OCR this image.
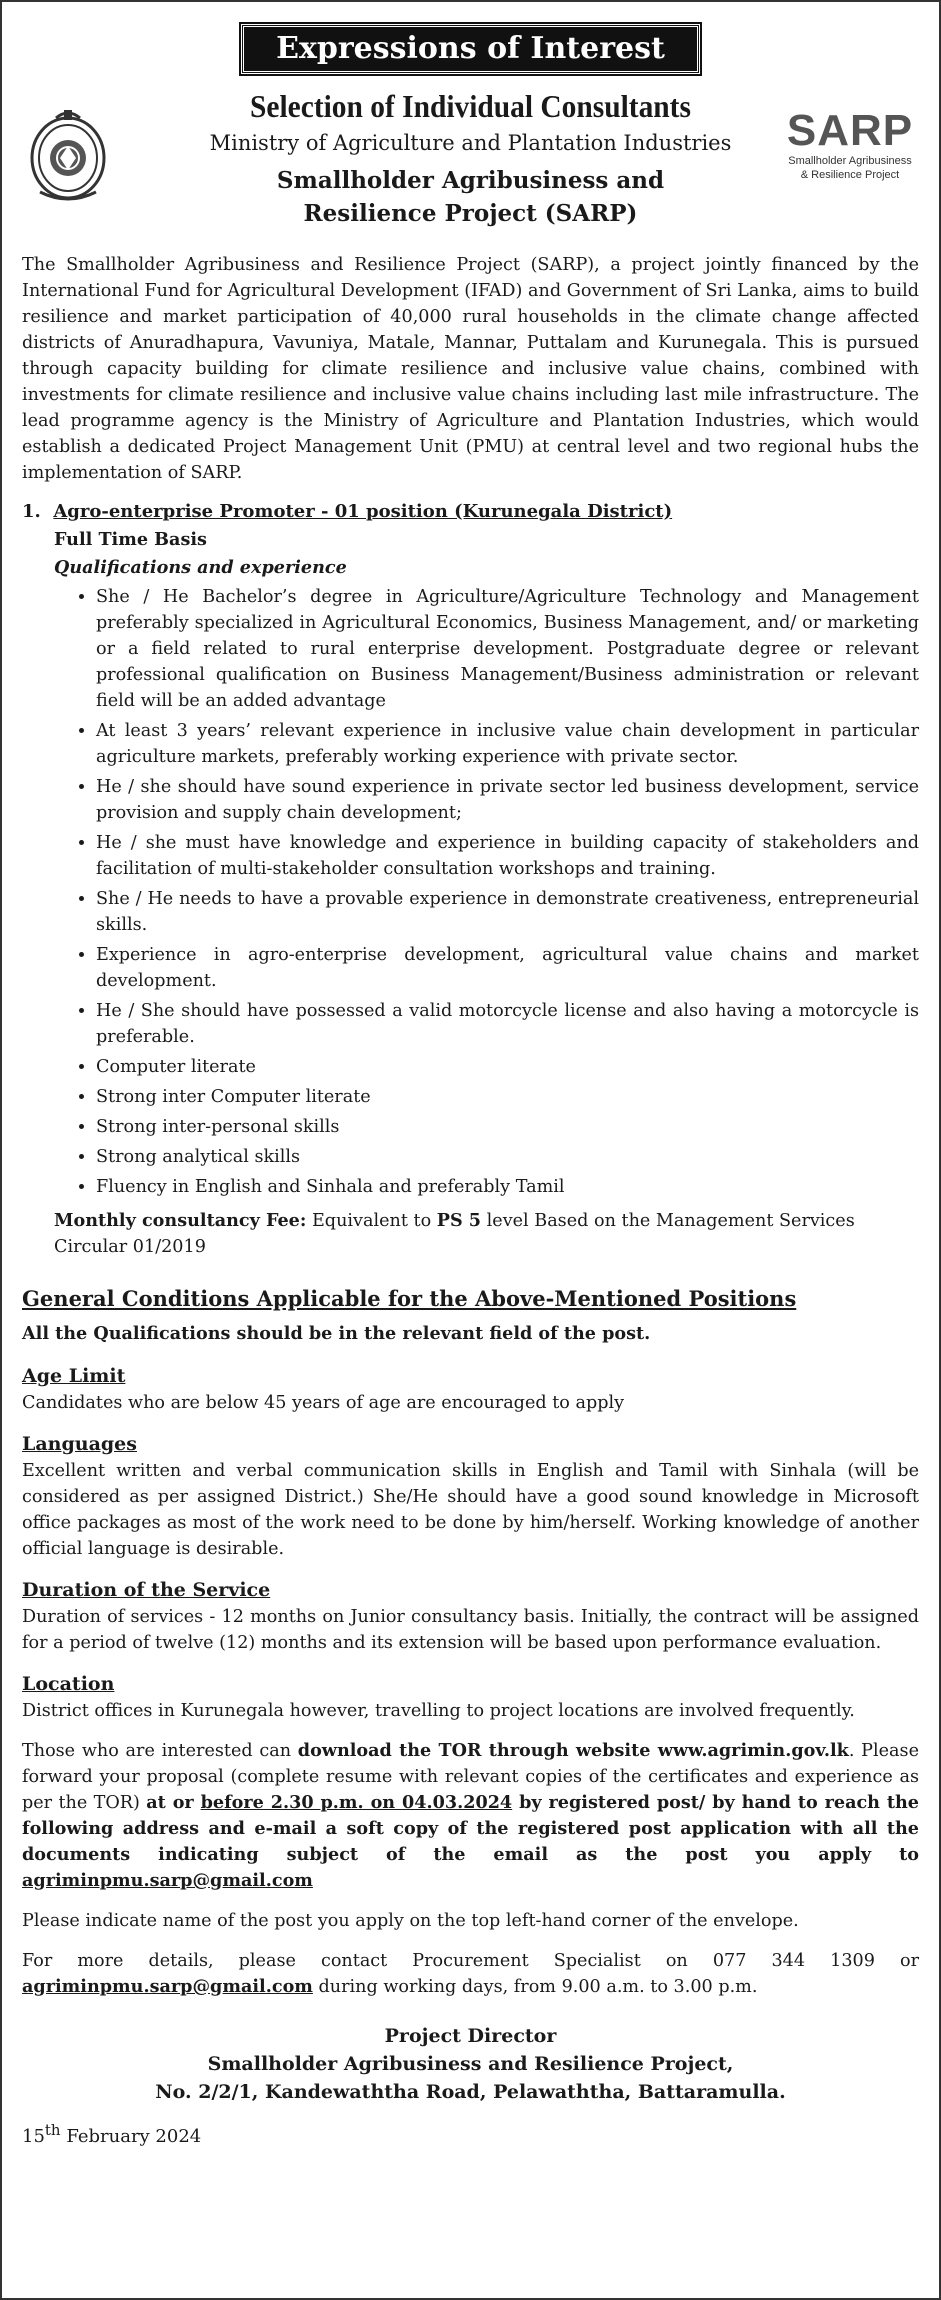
Expressions of Interest
Selection of Individual Consultants
Ministry of Agriculture and Plantation Industries
Smallholder Agribusiness and
Resilience Project (SARP)
SARP
Smallholder Agribusiness
& Resilience Project

The Smallholder Agribusiness and Resilience Project (SARP), a project jointly financed by the International Fund for Agricultural Development (IFAD) and Government of Sri Lanka, aims to build resilience and market participation of 40,000 rural households in the climate change affected districts of Anuradhapura, Vavuniya, Matale, Mannar, Puttalam and Kurunegala. This is pursued through capacity building for climate resilience and inclusive value chains, combined with investments for climate resilience and inclusive value chains including last mile infrastructure. The lead programme agency is the Ministry of Agriculture and Plantation Industries, which would establish a dedicated Project Management Unit (PMU) at central level and two regional hubs the implementation of SARP.

1. Agro-enterprise Promoter - 01 position (Kurunegala District)
Full Time Basis
Qualifications and experience
• She / He Bachelor’s degree in Agriculture/Agriculture Technology and Management preferably specialized in Agricultural Economics, Business Management, and/ or marketing or a field related to rural enterprise development. Postgraduate degree or relevant professional qualification on Business Management/Business administration or relevant field will be an added advantage
• At least 3 years’ relevant experience in inclusive value chain development in particular agriculture markets, preferably working experience with private sector.
• He / she should have sound experience in private sector led business development, service provision and supply chain development;
• He / she must have knowledge and experience in building capacity of stakeholders and facilitation of multi-stakeholder consultation workshops and training.
• She / He needs to have a provable experience in demonstrate creativeness, entrepreneurial skills.
• Experience in agro-enterprise development, agricultural value chains and market development.
• He / She should have possessed a valid motorcycle license and also having a motorcycle is preferable.
• Computer literate
• Strong inter Computer literate
• Strong inter-personal skills
• Strong analytical skills
• Fluency in English and Sinhala and preferably Tamil
Monthly consultancy Fee: Equivalent to PS 5 level Based on the Management Services Circular 01/2019
General Conditions Applicable for the Above-Mentioned Positions
All the Qualifications should be in the relevant field of the post.
Age Limit

Candidates who are below 45 years of age are encouraged to apply

Languages

Excellent written and verbal communication skills in English and Tamil with Sinhala (will be considered as per assigned District.) She/He should have a good sound knowledge in Microsoft office packages as most of the work need to be done by him/herself. Working knowledge of another official language is desirable.

Duration of the Service

Duration of services - 12 months on Junior consultancy basis. Initially, the contract will be assigned for a period of twelve (12) months and its extension will be based upon performance evaluation.

Location

District offices in Kurunegala however, travelling to project locations are involved frequently.

Those who are interested can download the TOR through website www.agrimin.gov.lk. Please forward your proposal (complete resume with relevant copies of the certificates and experience as per the TOR) at or before 2.30 p.m. on 04.03.2024 by registered post/ by hand to reach the following address and e-mail a soft copy of the registered post application with all the documents indicating subject of the email as the post you apply to agriminpmu.sarp@gmail.com

Please indicate name of the post you apply on the top left-hand corner of the envelope.

For more details, please contact Procurement Specialist on 077 344 1309 or agriminpmu.sarp@gmail.com during working days, from 9.00 a.m. to 3.00 p.m.

Project Director
Smallholder Agribusiness and Resilience Project,
No. 2/2/1, Kandewaththa Road, Pelawaththa, Battaramulla.
15th February 2024
